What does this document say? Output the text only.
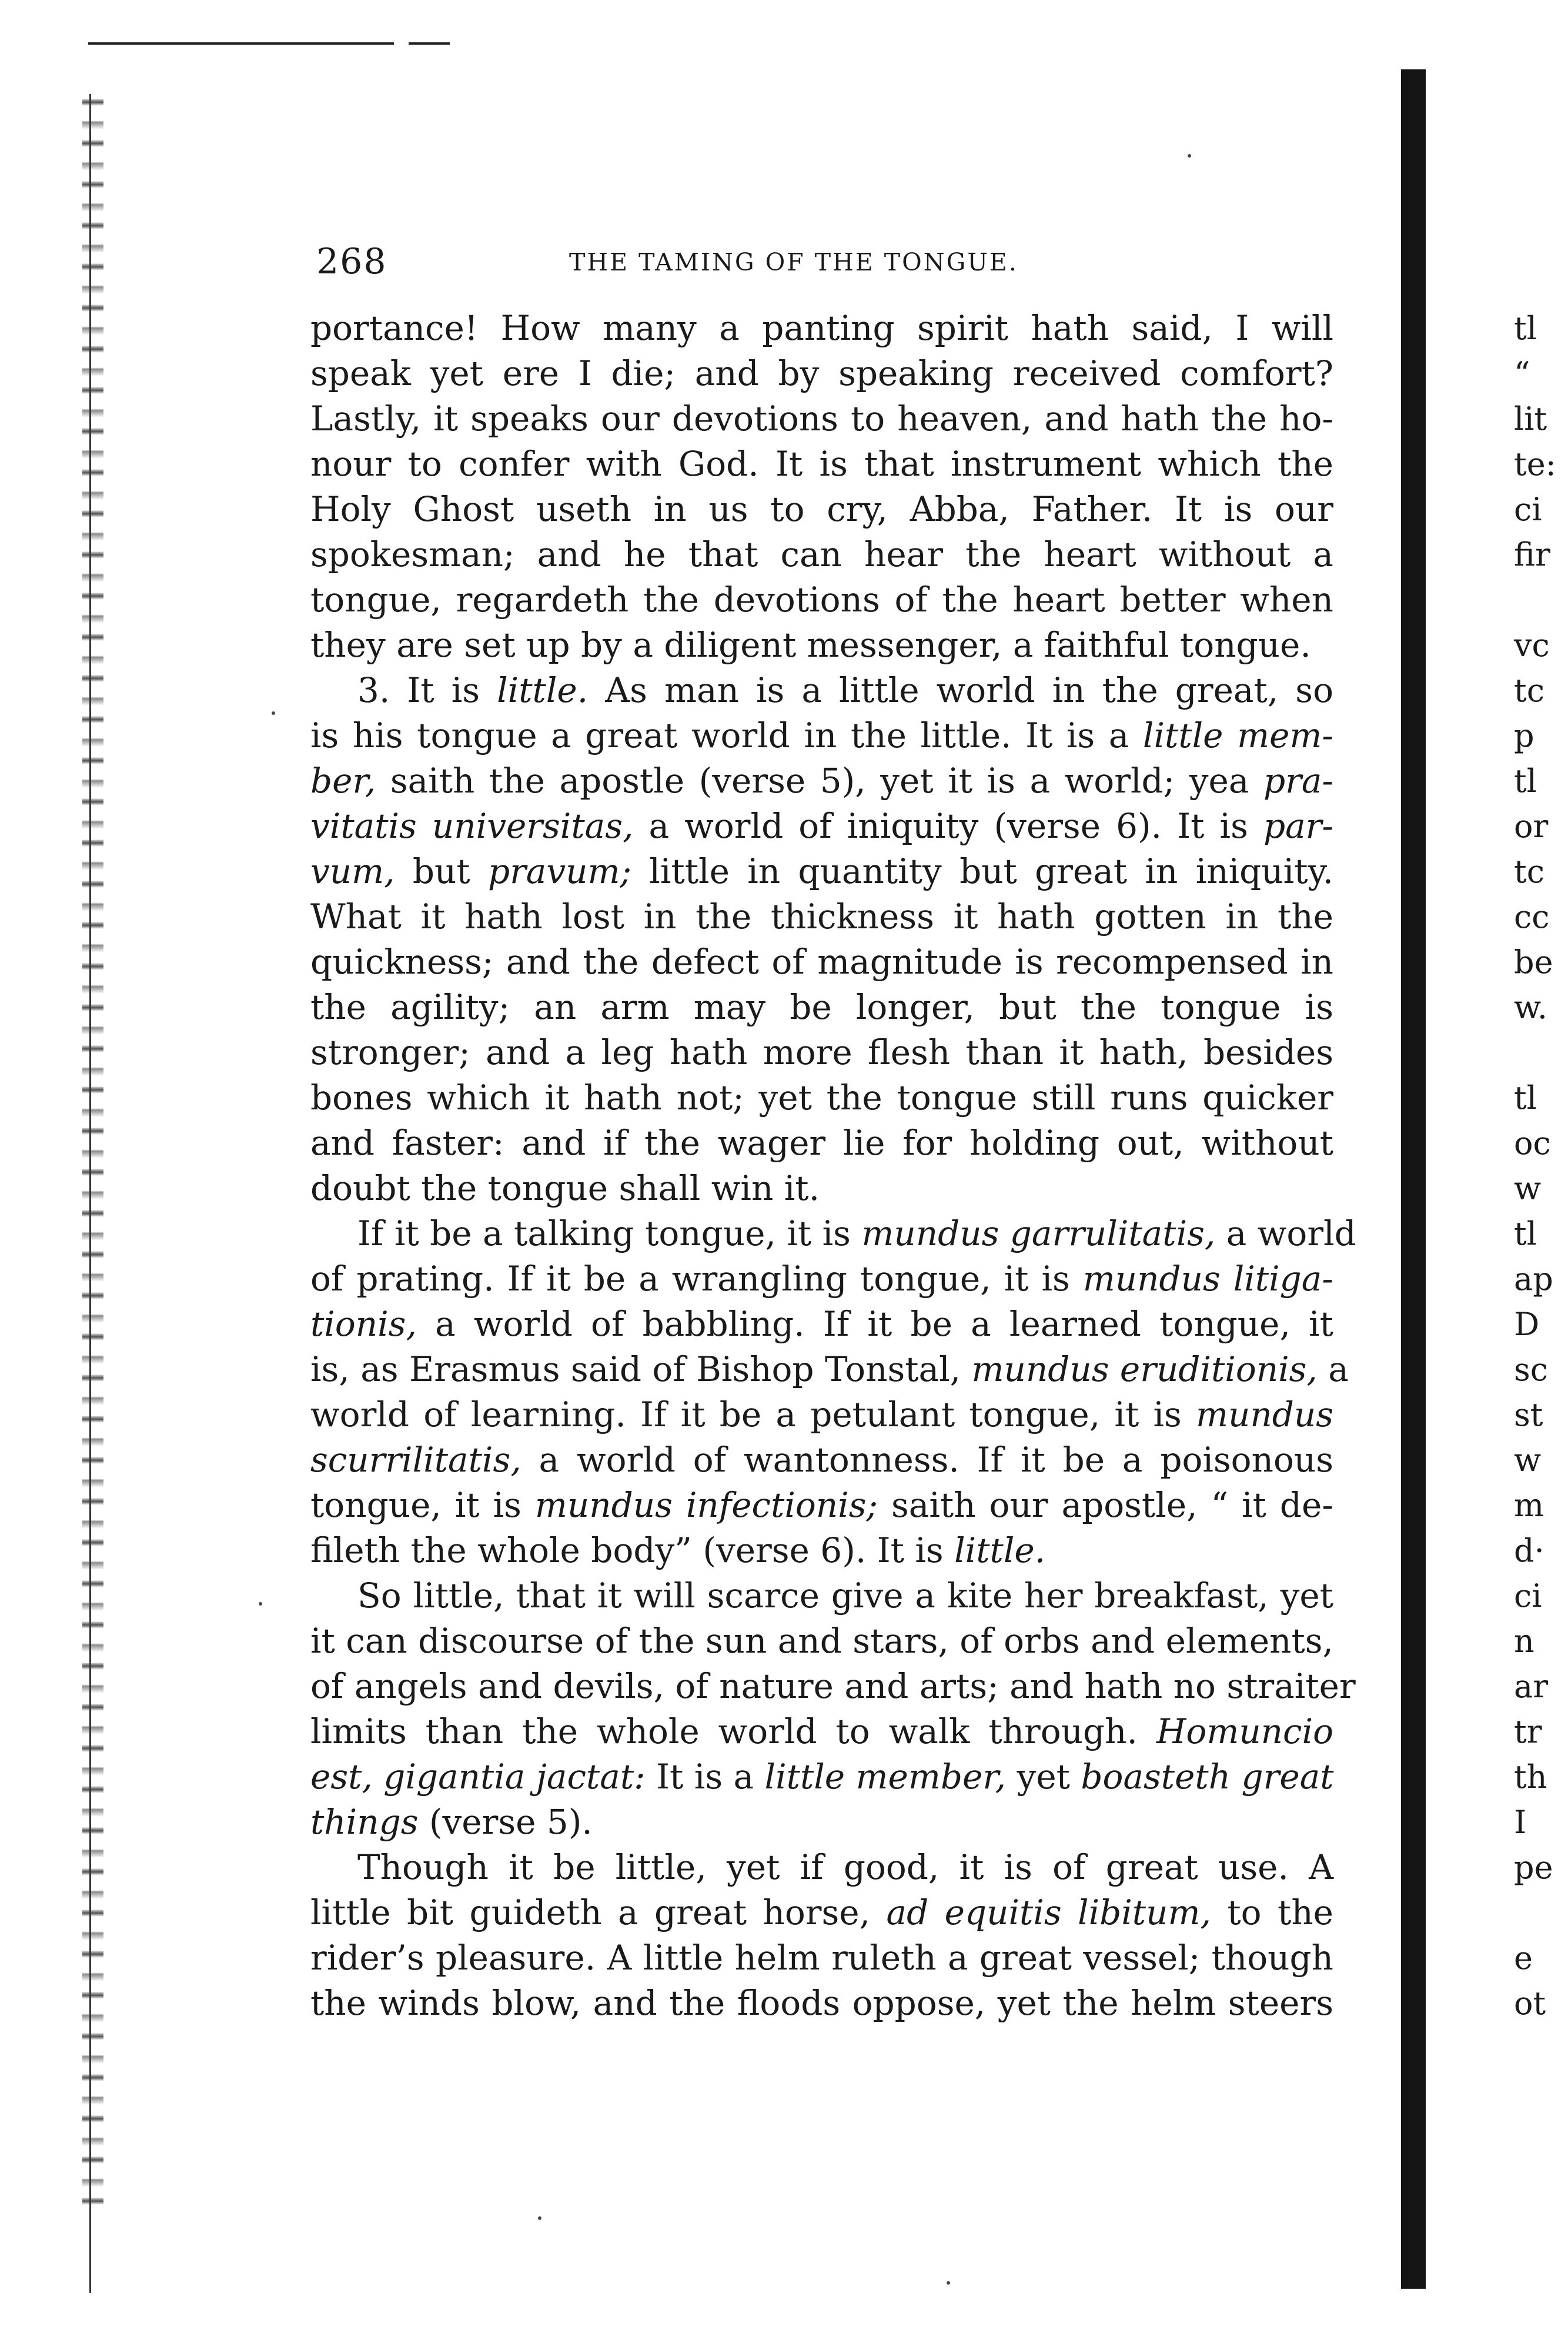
268	THE TAMING OF THE TONGUE.
portance! How many a panting spirit hath said, I will
speak yet ere I die; and by speaking received comfort?
Lastly, it speaks our devotions to heaven, and hath the ho-
nour to confer with God. It is that instrument which the
Holy Ghost useth in us to cry, Abba, Father. It is our
spokesman; and he that can hear the heart without a
tongue, regardeth the devotions of the heart better when
they are set up by a diligent messenger, a faithful tongue.
3. It is little. As man is a little world in the great, so
is his tongue a great world in the little. It is a little mem-
ber, saith the apostle (verse 5), yet it is a world; yea pra-
vitatis universitas, a world of iniquity (verse 6). It is par-
vum, but pravum; little in quantity but great in iniquity.
What it hath lost in the thickness it hath gotten in the
quickness; and the defect of magnitude is recompensed in
the agility; an arm may be longer, but the tongue is
stronger; and a leg hath more flesh than it hath, besides
bones which it hath not; yet the tongue still runs quicker
and faster: and if the wager lie for holding out, without
doubt the tongue shall win it.
If it be a talking tongue, it is mundus garrulitatis, a world
of prating. If it be a wrangling tongue, it is mundus litiga-
tionis, a world of babbling. If it be a learned tongue, it
is, as Erasmus said of Bishop Tonstal, mundus eruditionis, a
world of learning. If it be a petulant tongue, it is mundus
scurrilitatis, a world of wantonness. If it be a poisonous
tongue, it is mundus infectionis; saith our apostle, “ it de-
fileth the whole body” (verse 6). It is little.
So little, that it will scarce give a kite her breakfast, yet
it can discourse of the sun and stars, of orbs and elements,
of angels and devils, of nature and arts; and hath no straiter
limits than the whole world to walk through. Homuncio
est, gigantia jactat: It is a little member, yet boasteth great
things (verse 5).
Though it be little, yet if good, it is of great use. A
little bit guideth a great horse, ad equitis libitum, to the
rider’s pleasure. A little helm ruleth a great vessel; though
the winds blow, and the floods oppose, yet the helm steers
tl
“
lit
te:
ci
fir
vc
tc
p
tl
or
tc
cc
be
w.
tl
oc
w
tl
ap
D
sc
st
w
m
d·
ci
n
ar
tr
th
I
pe
e
ot
